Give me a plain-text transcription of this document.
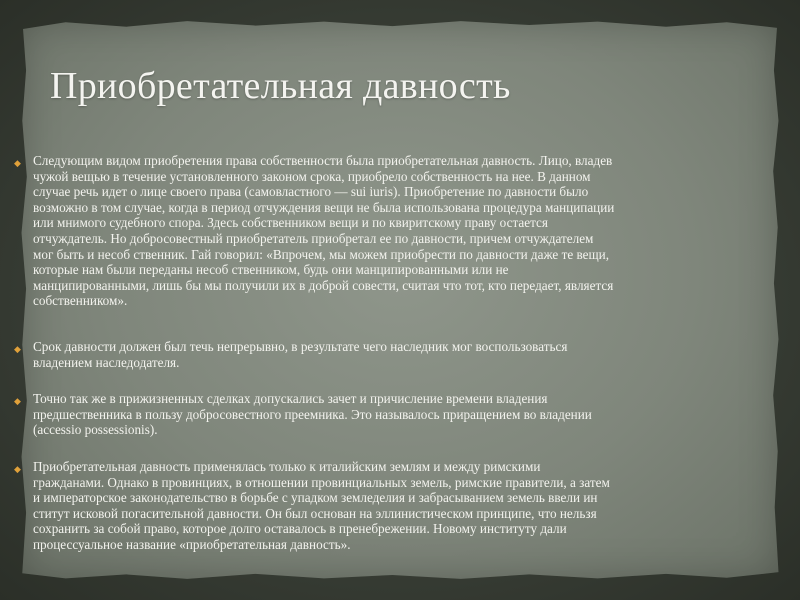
Приобретательная давность
◆ Следующим видом приобретения права собственности была приобретательная давность. Лицо, владев
чужой вещью в течение установленного законом срока, приобрело собственность на нее. В данном
случае речь идет о лице своего права (самовластного — sui iuris). Приобретение по давности было
возможно в том случае, когда в период отчуждения вещи не была использована процедура манципации
или мнимого судебного спора. Здесь собственником вещи и по квиритскому праву остается
отчуждатель. Но добросовестный приобретатель приобретал ее по давности, причем отчуждателем
мог быть и несоб ственник. Гай говорил: «Впрочем, мы можем приобрести по давности даже те вещи,
которые нам были переданы несоб ственником, будь они манципированными или не
манципированными, лишь бы мы получили их в доброй совести, считая что тот, кто передает, является
собственником».
◆ Срок давности должен был течь непрерывно, в результате чего наследник мог воспользоваться
владением наследодателя.
◆ Точно так же в прижизненных сделках допускались зачет и причисление времени владения
предшественника в пользу добросовестного преемника. Это называлось приращением во владении
(accessio possessionis).
◆ Приобретательная давность применялась только к италийским землям и между римскими
гражданами. Однако в провинциях, в отношении провинциальных земель, римские правители, а затем
и императорское законодательство в борьбе с упадком земледелия и забрасыванием земель ввели ин
ститут исковой погасительной давности. Он был основан на эллинистическом принципе, что нельзя
сохранить за собой право, которое долго оставалось в пренебрежении. Новому институту дали
процессуальное название «приобретательная давность».
